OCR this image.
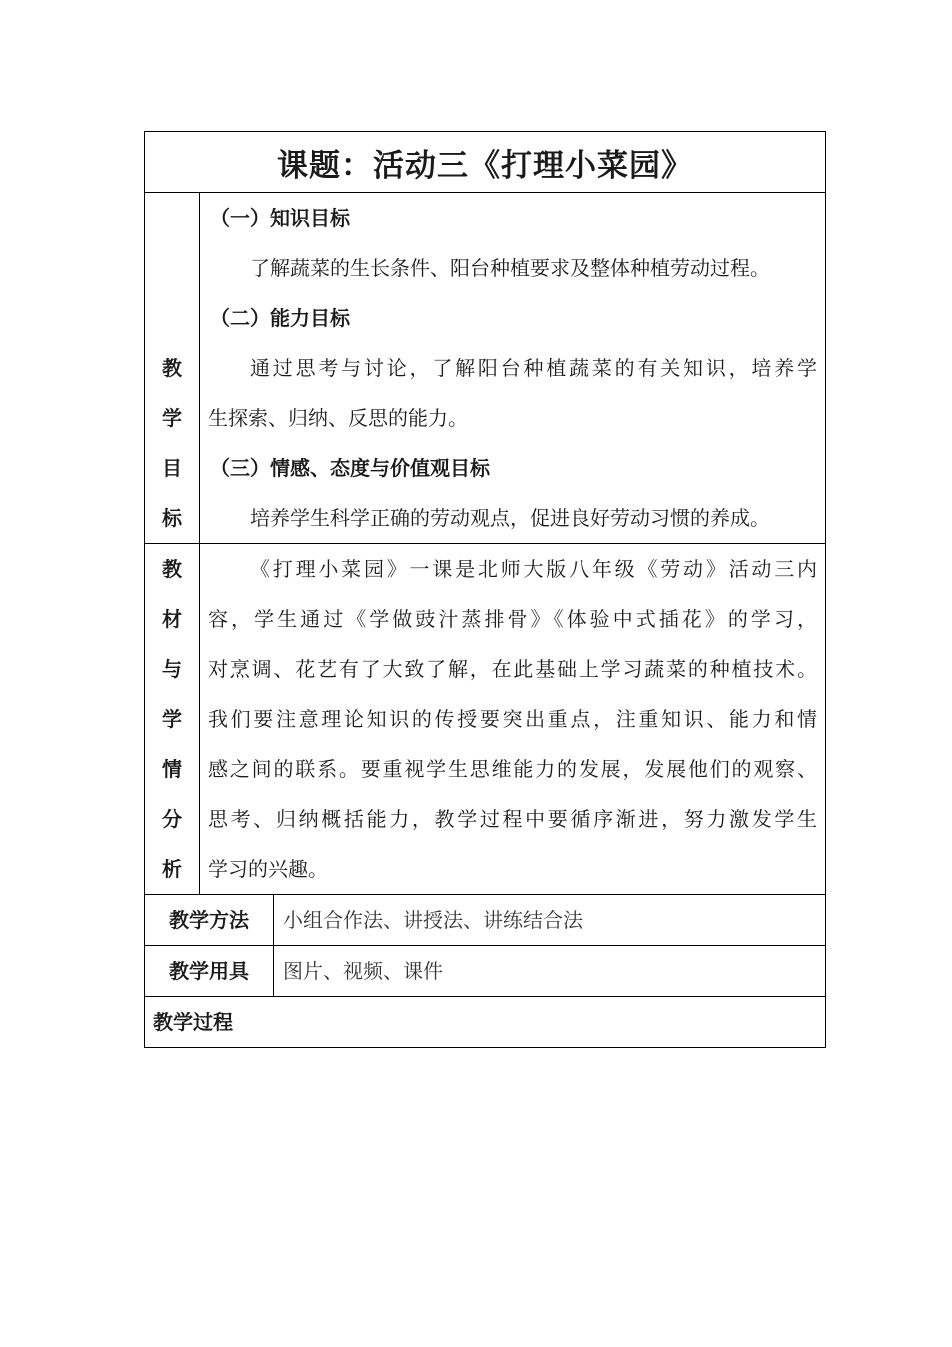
课题：活动三《打理小菜园》
教
学
目
标
（一）知识目标
了解蔬菜的生长条件、阳台种植要求及整体种植劳动过程。
（二）能力目标
通过思考与讨论，了解阳台种植蔬菜的有关知识，培养学
生探索、归纳、反思的能力。
（三）情感、态度与价值观目标
培养学生科学正确的劳动观点，促进良好劳动习惯的养成。
教
材
与
学
情
分
析
《打理小菜园》一课是北师大版八年级《劳动》活动三内
容，学生通过《学做豉汁蒸排骨》《体验中式插花》的学习，
对烹调、花艺有了大致了解，在此基础上学习蔬菜的种植技术。
我们要注意理论知识的传授要突出重点，注重知识、能力和情
感之间的联系。要重视学生思维能力的发展，发展他们的观察、
思考、归纳概括能力，教学过程中要循序渐进，努力激发学生
学习的兴趣。
教学方法	小组合作法、讲授法、讲练结合法
教学用具	图片、视频、课件
教学过程
